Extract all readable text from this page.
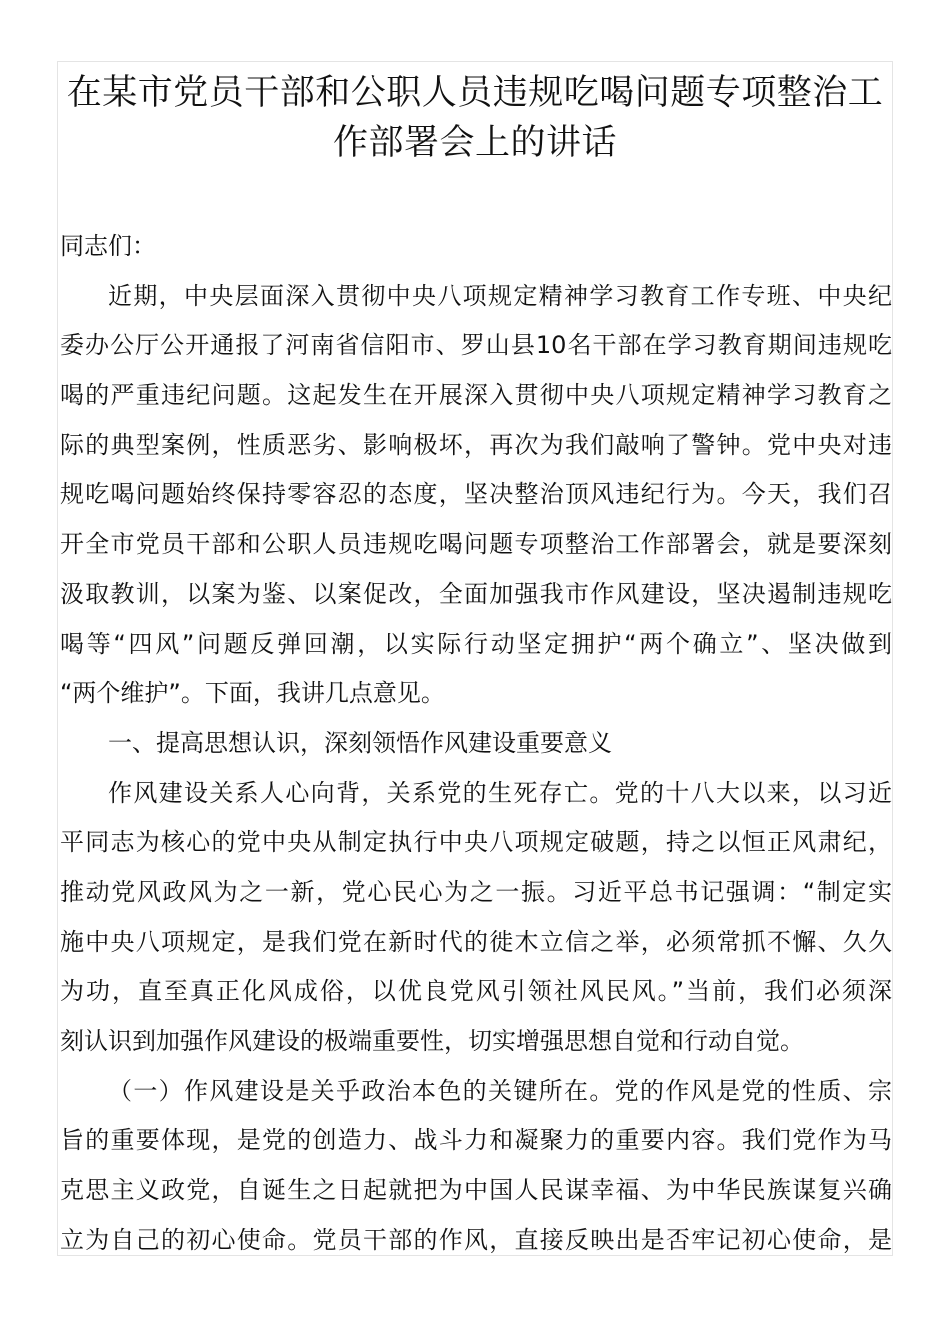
在某市党员干部和公职人员违规吃喝问题专项整治工
作部署会上的讲话
同志们：
近期，中央层面深入贯彻中央八项规定精神学习教育工作专班、中央纪
委办公厅公开通报了河南省信阳市、罗山县10名干部在学习教育期间违规吃
喝的严重违纪问题。这起发生在开展深入贯彻中央八项规定精神学习教育之
际的典型案例，性质恶劣、影响极坏，再次为我们敲响了警钟。党中央对违
规吃喝问题始终保持零容忍的态度，坚决整治顶风违纪行为。今天，我们召
开全市党员干部和公职人员违规吃喝问题专项整治工作部署会，就是要深刻
汲取教训，以案为鉴、以案促改，全面加强我市作风建设，坚决遏制违规吃
喝等“四风”问题反弹回潮，以实际行动坚定拥护“两个确立”、坚决做到
“两个维护”。下面，我讲几点意见。
一、提高思想认识，深刻领悟作风建设重要意义
作风建设关系人心向背，关系党的生死存亡。党的十八大以来，以习近
平同志为核心的党中央从制定执行中央八项规定破题，持之以恒正风肃纪，
推动党风政风为之一新，党心民心为之一振。习近平总书记强调：“制定实
施中央八项规定，是我们党在新时代的徙木立信之举，必须常抓不懈、久久
为功，直至真正化风成俗，以优良党风引领社风民风。”当前，我们必须深
刻认识到加强作风建设的极端重要性，切实增强思想自觉和行动自觉。
（一）作风建设是关乎政治本色的关键所在。党的作风是党的性质、宗
旨的重要体现，是党的创造力、战斗力和凝聚力的重要内容。我们党作为马
克思主义政党，自诞生之日起就把为中国人民谋幸福、为中华民族谋复兴确
立为自己的初心使命。党员干部的作风，直接反映出是否牢记初心使命，是
